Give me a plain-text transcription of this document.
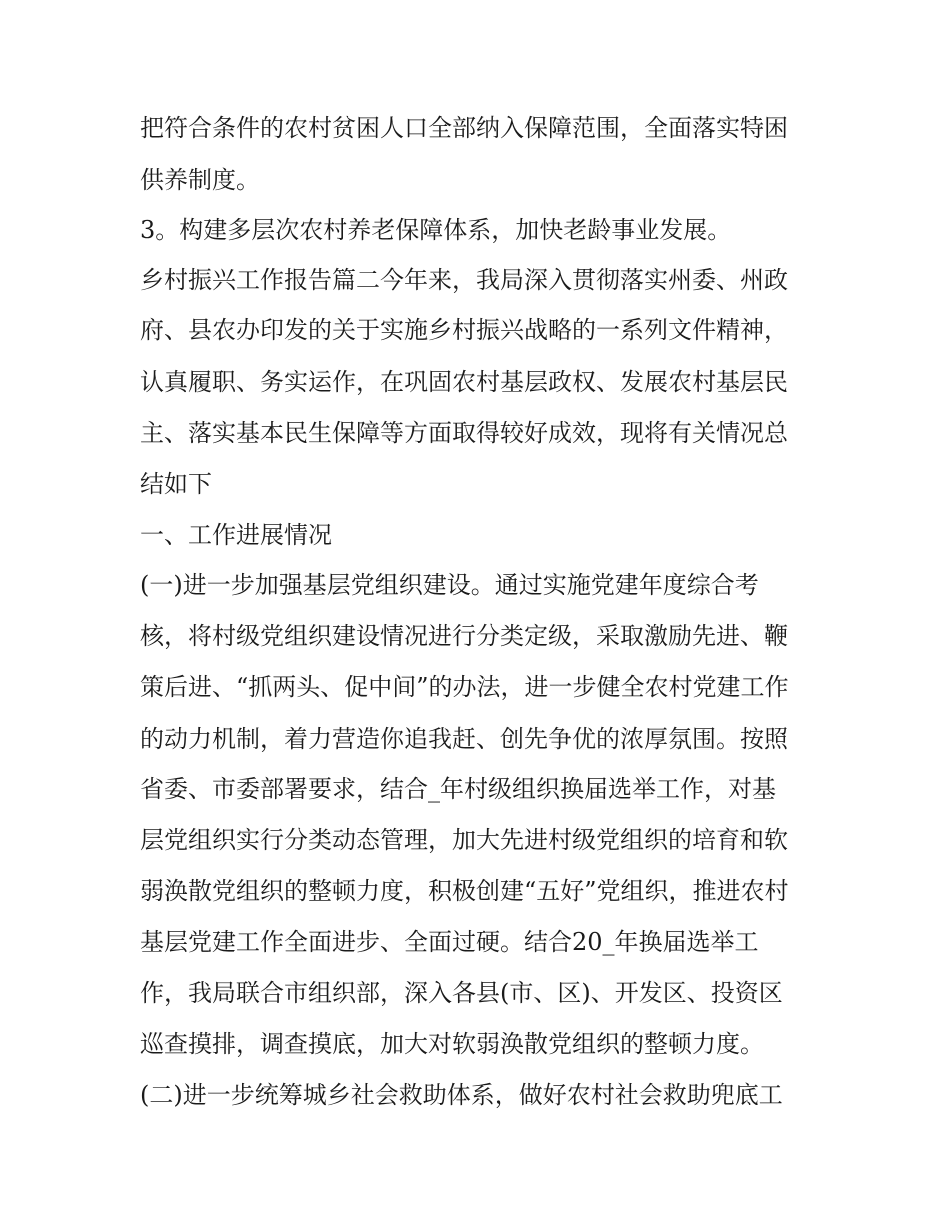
把符合条件的农村贫困人口全部纳入保障范围，全面落实特困
供养制度。
3。构建多层次农村养老保障体系，加快老龄事业发展。
乡村振兴工作报告篇二今年来，我局深入贯彻落实州委、州政
府、县农办印发的关于实施乡村振兴战略的一系列文件精神，
认真履职、务实运作，在巩固农村基层政权、发展农村基层民
主、落实基本民生保障等方面取得较好成效，现将有关情况总
结如下
一、工作进展情况
(一)进一步加强基层党组织建设。通过实施党建年度综合考
核，将村级党组织建设情况进行分类定级，采取激励先进、鞭
策后进、“抓两头、促中间”的办法，进一步健全农村党建工作
的动力机制，着力营造你追我赶、创先争优的浓厚氛围。按照
省委、市委部署要求，结合_年村级组织换届选举工作，对基
层党组织实行分类动态管理，加大先进村级党组织的培育和软
弱涣散党组织的整顿力度，积极创建“五好”党组织，推进农村
基层党建工作全面进步、全面过硬。结合20_年换届选举工
作，我局联合市组织部，深入各县(市、区)、开发区、投资区
巡查摸排，调查摸底，加大对软弱涣散党组织的整顿力度。
(二)进一步统筹城乡社会救助体系，做好农村社会救助兜底工
